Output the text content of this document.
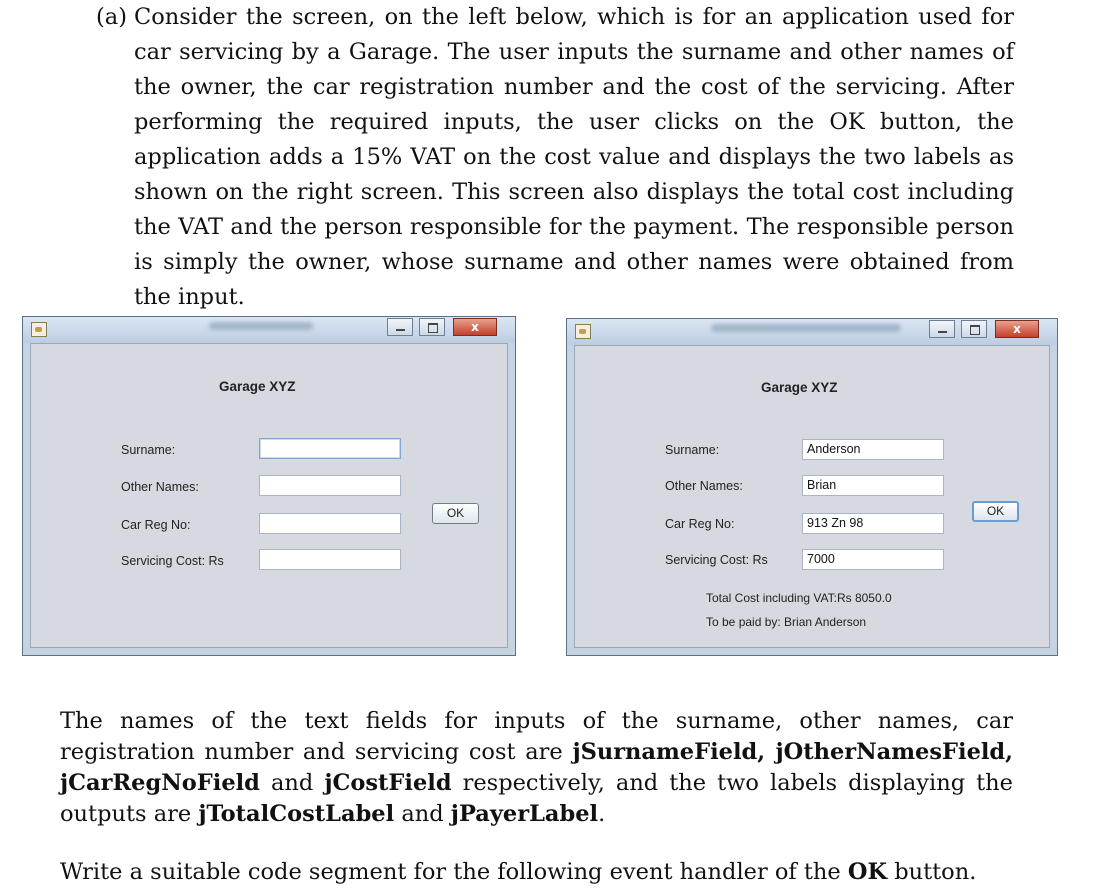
(a) Consider the screen, on the left below, which is for an application used for car servicing by a Garage. The user inputs the surname and other names of the owner, the car registration number and the cost of the servicing. After performing the required inputs, the user clicks on the OK button, the application adds a 15% VAT on the cost value and displays the two labels as shown on the right screen. This screen also displays the total cost including the VAT and the person responsible for the payment. The responsible person is simply the owner, whose surname and other names were obtained from the input.
x
Garage XYZ
Surname:
Other Names:
Car Reg No:
Servicing Cost: Rs
OK
x
Garage XYZ
Surname:	Anderson
Other Names:	Brian
Car Reg No:	913 Zn 98
Servicing Cost: Rs	7000
OK
Total Cost including VAT:Rs 8050.0
To be paid by: Brian Anderson
The names of the text fields for inputs of the surname, other names, car registration number and servicing cost are jSurnameField, jOtherNamesField, jCarRegNoField and jCostField respectively, and the two labels displaying the outputs are jTotalCostLabel and jPayerLabel.
Write a suitable code segment for the following event handler of the OK button.
